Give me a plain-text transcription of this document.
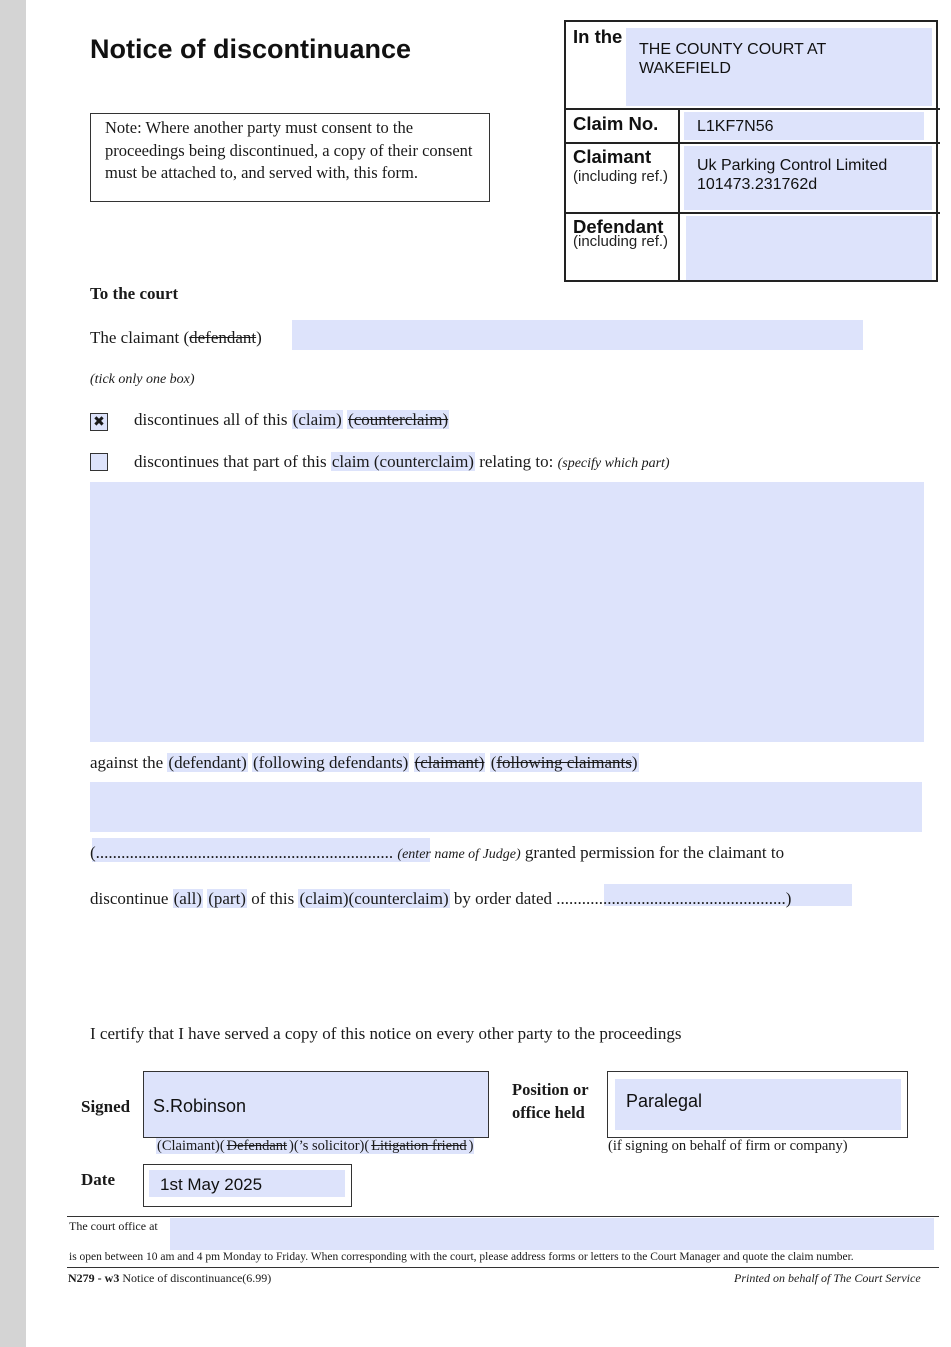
Notice of discontinuance
Note: Where another party must consent to the proceedings being discontinued, a copy of their consent must be attached to, and served with, this form.
In the
THE COUNTY COURT AT WAKEFIELD
Claim No. L1KF7N56
Claimant
(including ref.)
Uk Parking Control Limited
101473.231762d
Defendant
(including ref.)
To the court
The claimant (defendant)
(tick only one box)
✖ discontinues all of this (claim) (counterclaim)
discontinues that part of this claim (counterclaim) relating to: (specify which part)
against the (defendant) (following defendants) (claimant) (following claimants)
(...................................................................... (enter name of Judge) granted permission for the claimant to
discontinue (all) (part) of this (claim)(counterclaim) by order dated ......................................................)
I certify that I have served a copy of this notice on every other party to the proceedings
Signed S.Robinson
(Claimant)( Defendant )(’s solicitor)( Litigation friend )
Position or
office held
Paralegal
(if signing on behalf of firm or company)
Date	1st May 2025
The court office at
is open between 10 am and 4 pm Monday to Friday. When corresponding with the court, please address forms or letters to the Court Manager and quote the claim number.
N279 - w3 Notice of discontinuance(6.99)	Printed on behalf of The Court Service
